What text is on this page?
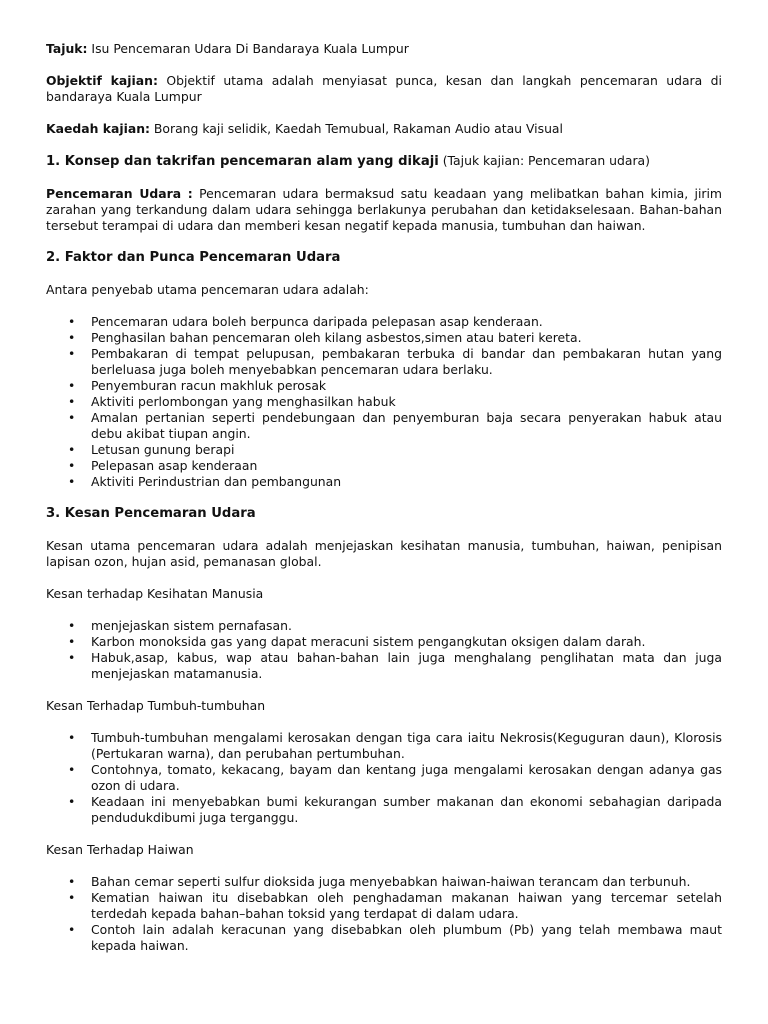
Tajuk: Isu Pencemaran Udara Di Bandaraya Kuala Lumpur

Objektif kajian: Objektif utama adalah menyiasat punca, kesan dan langkah pencemaran udara di bandaraya Kuala Lumpur

Kaedah kajian: Borang kaji selidik, Kaedah Temubual, Rakaman Audio atau Visual

1. Konsep dan takrifan pencemaran alam yang dikaji (Tajuk kajian: Pencemaran udara)

Pencemaran Udara : Pencemaran udara bermaksud satu keadaan yang melibatkan bahan kimia, jirim zarahan yang terkandung dalam udara sehingga berlakunya perubahan dan ketidakselesaan. Bahan-bahan tersebut terampai di udara dan memberi kesan negatif kepada manusia, tumbuhan dan haiwan.

2. Faktor dan Punca Pencemaran Udara

Antara penyebab utama pencemaran udara adalah:

• Pencemaran udara boleh berpunca daripada pelepasan asap kenderaan.
• Penghasilan bahan pencemaran oleh kilang asbestos,simen atau bateri kereta.
• Pembakaran di tempat pelupusan, pembakaran terbuka di bandar dan pembakaran hutan yang berleluasa juga boleh menyebabkan pencemaran udara berlaku.
• Penyemburan racun makhluk perosak
• Aktiviti perlombongan yang menghasilkan habuk
• Amalan pertanian seperti pendebungaan dan penyemburan baja secara penyerakan habuk atau debu akibat tiupan angin.
• Letusan gunung berapi
• Pelepasan asap kenderaan
• Aktiviti Perindustrian dan pembangunan

3. Kesan Pencemaran Udara

Kesan utama pencemaran udara adalah menjejaskan kesihatan manusia, tumbuhan, haiwan, penipisan lapisan ozon, hujan asid, pemanasan global.

Kesan terhadap Kesihatan Manusia

• menjejaskan sistem pernafasan.
• Karbon monoksida gas yang dapat meracuni sistem pengangkutan oksigen dalam darah.
• Habuk,asap, kabus, wap atau bahan-bahan lain juga menghalang penglihatan mata dan juga menjejaskan matamanusia.

Kesan Terhadap Tumbuh-tumbuhan

• Tumbuh-tumbuhan mengalami kerosakan dengan tiga cara iaitu Nekrosis(Keguguran daun), Klorosis (Pertukaran warna), dan perubahan pertumbuhan.
• Contohnya, tomato, kekacang, bayam dan kentang juga mengalami kerosakan dengan adanya gas ozon di udara.
• Keadaan ini menyebabkan bumi kekurangan sumber makanan dan ekonomi sebahagian daripada pendudukdibumi juga terganggu.

Kesan Terhadap Haiwan

• Bahan cemar seperti sulfur dioksida juga menyebabkan haiwan-haiwan terancam dan terbunuh.
• Kematian haiwan itu disebabkan oleh penghadaman makanan haiwan yang tercemar setelah terdedah kepada bahan–bahan toksid yang terdapat di dalam udara.
• Contoh lain adalah keracunan yang disebabkan oleh plumbum (Pb) yang telah membawa maut kepada haiwan.
